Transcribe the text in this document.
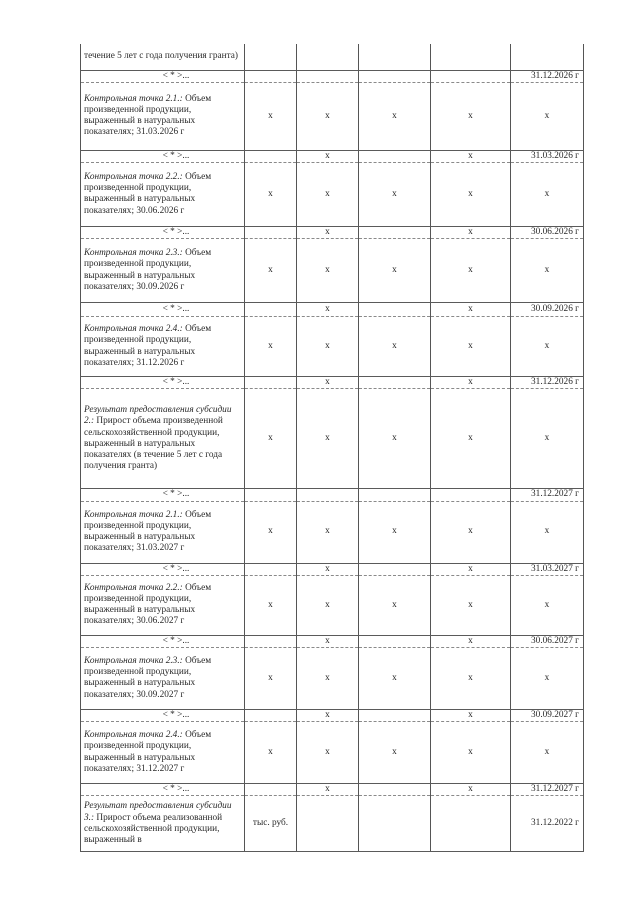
течение 5 лет с года получения гранта)					
< * >...					31.12.2026 г
Контрольная точка 2.1.: Объем произведенной продукции, выраженный в натуральных показателях; 31.03.2026 г	x	x	x	x	x
< * >...		x		x	31.03.2026 г
Контрольная точка 2.2.: Объем произведенной продукции, выраженный в натуральных показателях; 30.06.2026 г	x	x	x	x	x
< * >...		x		x	30.06.2026 г
Контрольная точка 2.3.: Объем произведенной продукции, выраженный в натуральных показателях; 30.09.2026 г	x	x	x	x	x
< * >...		x		x	30.09.2026 г
Контрольная точка 2.4.: Объем произведенной продукции, выраженный в натуральных показателях; 31.12.2026 г	x	x	x	x	x
< * >...		x		x	31.12.2026 г
Результат предоставления субсидии 2.: Прирост объема произведенной сельскохозяйственной продукции, выраженный в натуральных показателях (в течение 5 лет с года получения гранта)	x	x	x	x	x
< * >...					31.12.2027 г
Контрольная точка 2.1.: Объем произведенной продукции, выраженный в натуральных показателях; 31.03.2027 г	x	x	x	x	x
< * >...		x		x	31.03.2027 г
Контрольная точка 2.2.: Объем произведенной продукции, выраженный в натуральных показателях; 30.06.2027 г	x	x	x	x	x
< * >...		x		x	30.06.2027 г
Контрольная точка 2.3.: Объем произведенной продукции, выраженный в натуральных показателях; 30.09.2027 г	x	x	x	x	x
< * >...		x		x	30.09.2027 г
Контрольная точка 2.4.: Объем произведенной продукции, выраженный в натуральных показателях; 31.12.2027 г	x	x	x	x	x
< * >...		x		x	31.12.2027 г
Результат предоставления субсидии 3.: Прирост объема реализованной сельскохозяйственной продукции, выраженный в	тыс. руб.				31.12.2022 г
